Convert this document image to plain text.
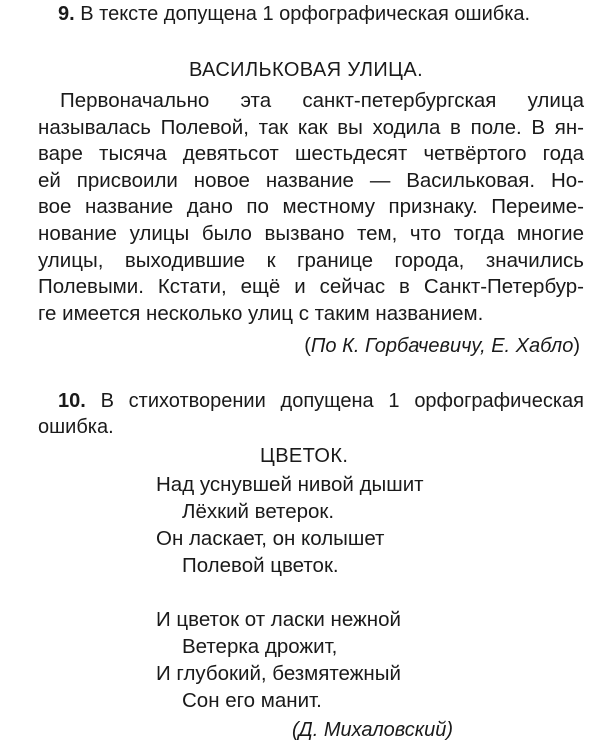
9. В тексте допущена 1 орфографическая ошибка.
ВАСИЛЬКОВАЯ УЛИЦА.
Первоначально эта санкт-петербургская улица
называлась Полевой, так как вы ходила в поле. В ян-
варе тысяча девятьсот шестьдесят четвёртого года
ей присвоили новое название — Васильковая. Но-
вое название дано по местному признаку. Переиме-
нование улицы было вызвано тем, что тогда многие
улицы, выходившие к границе города, значились
Полевыми. Кстати, ещё и сейчас в Санкт-Петербур-
ге имеется несколько улиц с таким названием.
(По К. Горбачевичу, Е. Хабло)
10. В стихотворении допущена 1 орфографическая
ошибка.
ЦВЕТОК.
Над уснувшей нивой дышит
Лёхкий ветерок.
Он ласкает, он колышет
Полевой цветок.
И цветок от ласки нежной
Ветерка дрожит,
И глубокий, безмятежный
Сон его манит.
(Д. Михаловский)
